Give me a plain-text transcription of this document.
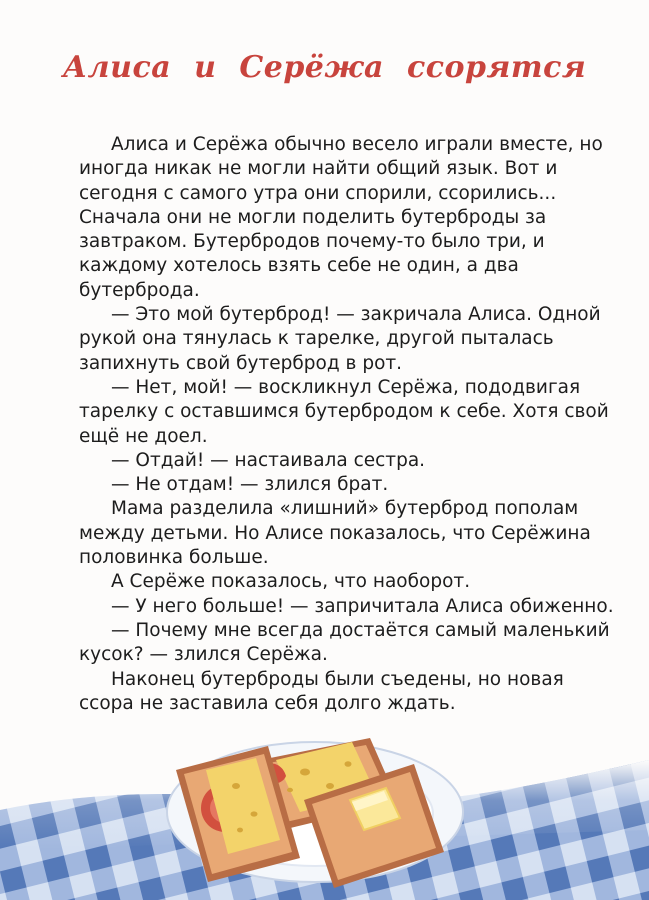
Алиса и Серёжа ссорятся

Алиса и Серёжа обычно весело играли вместе, но иногда никак не могли найти общий язык. Вот и сегодня с самого утра они спорили, ссорились... Сначала они не могли поделить бутерброды за завтраком. Бутербродов почему-то было три, и каждому хотелось взять себе не один, а два бутерброда.

— Это мой бутерброд! — закричала Алиса. Одной рукой она тянулась к тарелке, другой пыталась запихнуть свой бутерброд в рот.

— Нет, мой! — воскликнул Серёжа, пододвигая тарелку с оставшимся бутербродом к себе. Хотя свой ещё не доел.

— Отдай! — настаивала сестра.

— Не отдам! — злился брат.

Мама разделила «лишний» бутерброд пополам между детьми. Но Алисе показалось, что Серёжина половинка больше.

А Серёже показалось, что наоборот.

— У него больше! — запричитала Алиса обиженно.

— Почему мне всегда достаётся самый маленький кусок? — злился Серёжа.

Наконец бутерброды были съедены, но новая ссора не заставила себя долго ждать.
